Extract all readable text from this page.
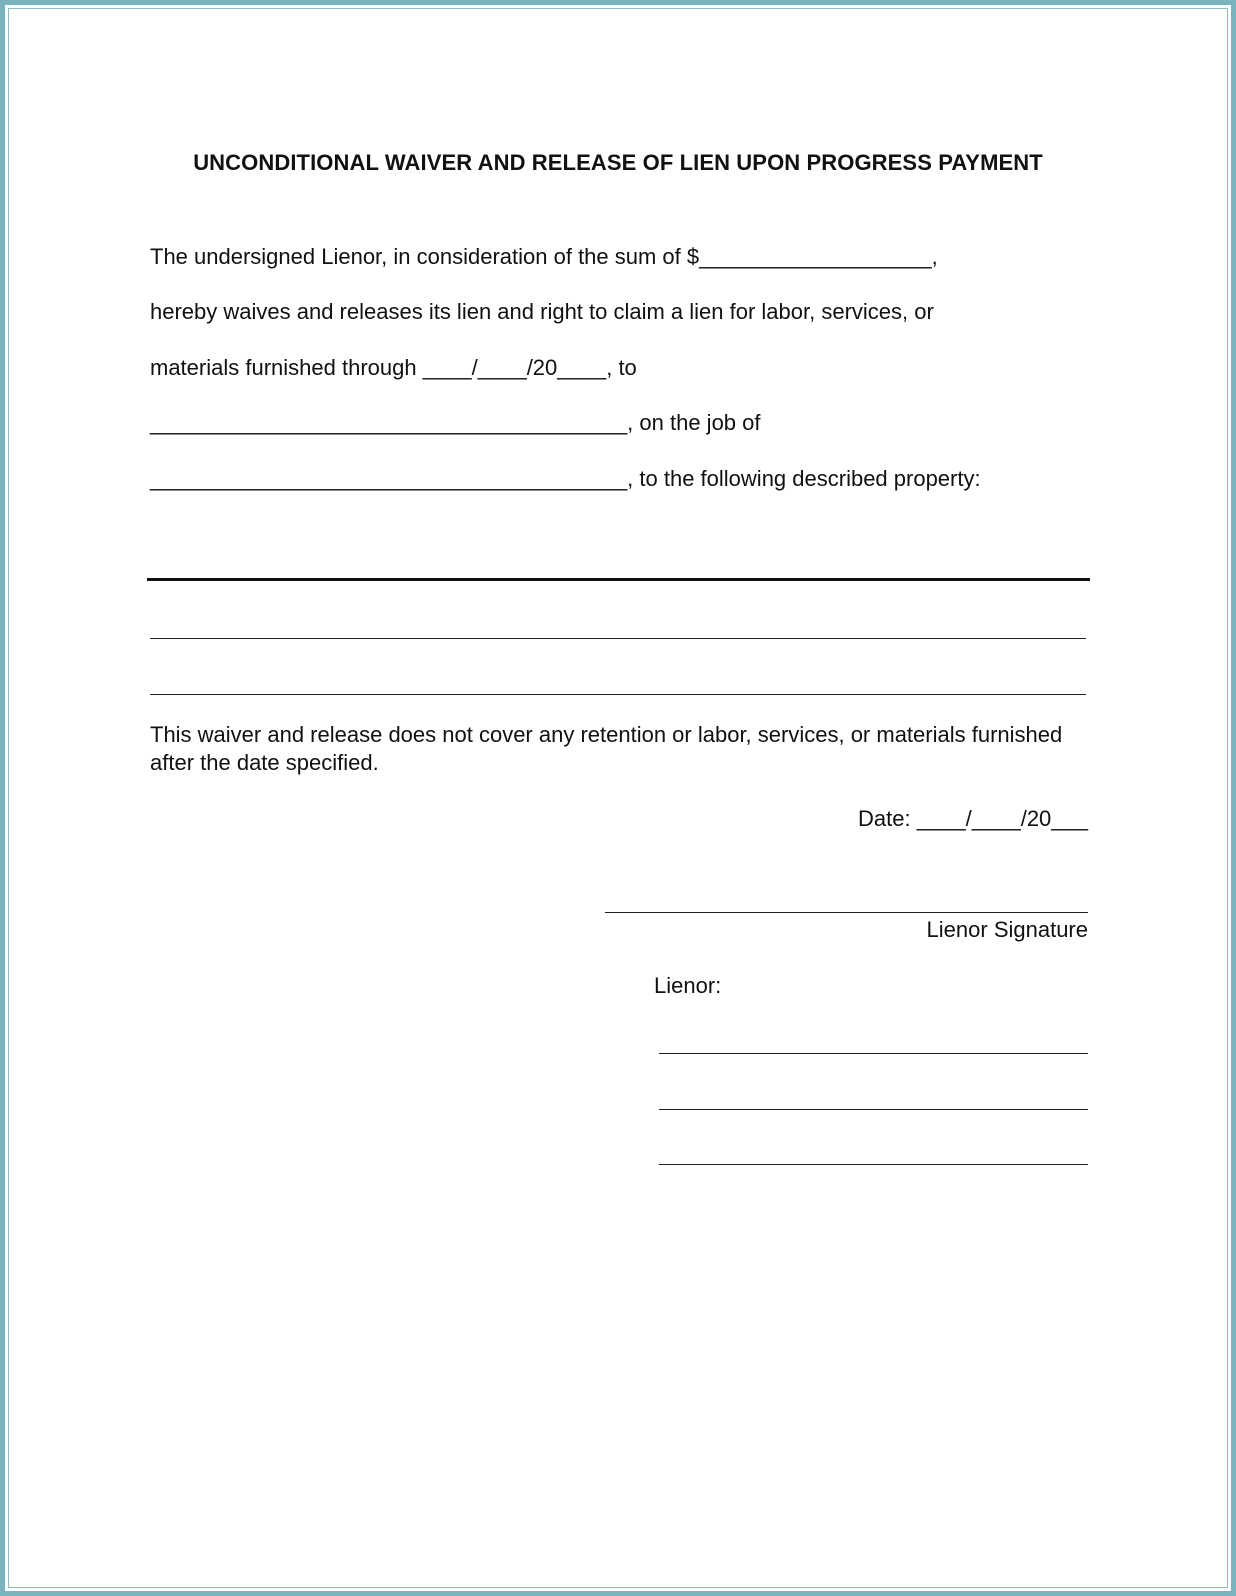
UNCONDITIONAL WAIVER AND RELEASE OF LIEN UPON PROGRESS PAYMENT
The undersigned Lienor, in consideration of the sum of $___________________,
hereby waives and releases its lien and right to claim a lien for labor, services, or
materials furnished through ____/____/20____, to
_______________________________________, on the job of
_______________________________________, to the following described property:
This waiver and release does not cover any retention or labor, services, or materials furnished after the date specified.
Date: ____/____/20___
Lienor Signature
Lienor:
